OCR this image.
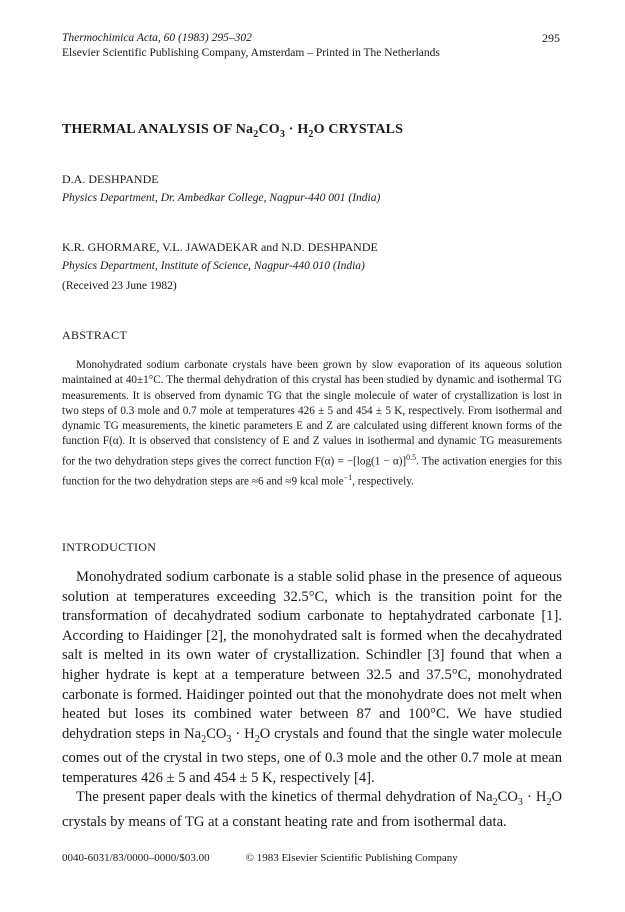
Thermochimica Acta, 60 (1983) 295–302
Elsevier Scientific Publishing Company, Amsterdam – Printed in The Netherlands
295
THERMAL ANALYSIS OF $Na_2CO_3 \cdot H_2O$ CRYSTALS
D.A. DESHPANDE
Physics Department, Dr. Ambedkar College, Nagpur-440 001 (India)
K.R. GHORMARE, V.L. JAWADEKAR and N.D. DESHPANDE
Physics Department, Institute of Science, Nagpur-440 010 (India)
(Received 23 June 1982)
ABSTRACT
Monohydrated sodium carbonate crystals have been grown by slow evaporation of its aqueous solution maintained at 40±1°C. The thermal dehydration of this crystal has been studied by dynamic and isothermal TG measurements. It is observed from dynamic TG that the single molecule of water of crystallization is lost in two steps of 0.3 mole and 0.7 mole at temperatures 426 ± 5 and 454 ± 5 K, respectively. From isothermal and dynamic TG measurements, the kinetic parameters E and Z are calculated using different known forms of the function F(α). It is observed that consistency of E and Z values in isothermal and dynamic TG measurements for the two dehydration steps gives the correct function $F(\alpha) = -[\log(1 - \alpha)]^{0.5}$. The activation energies for this function for the two dehydration steps are ≈6 and ≈9 kcal mole$^{-1}$, respectively.
INTRODUCTION

Monohydrated sodium carbonate is a stable solid phase in the presence of aqueous solution at temperatures exceeding 32.5°C, which is the transition point for the transformation of decahydrated sodium carbonate to heptahydrated carbonate [1]. According to Haidinger [2], the monohydrated salt is formed when the decahydrated salt is melted in its own water of crystallization. Schindler [3] found that when a higher hydrate is kept at a temperature between 32.5 and 37.5°C, monohydrated carbonate is formed. Haidinger pointed out that the monohydrate does not melt when heated but loses its combined water between 87 and 100°C. We have studied dehydration steps in $Na_2CO_3 \cdot H_2O$ crystals and found that the single water molecule comes out of the crystal in two steps, one of 0.3 mole and the other 0.7 mole at mean temperatures 426 ± 5 and 454 ± 5 K, respectively [4].

The present paper deals with the kinetics of thermal dehydration of $Na_2CO_3 \cdot H_2O$ crystals by means of TG at a constant heating rate and from isothermal data.

0040-6031/83/0000–0000/$03.00	© 1983 Elsevier Scientific Publishing Company
